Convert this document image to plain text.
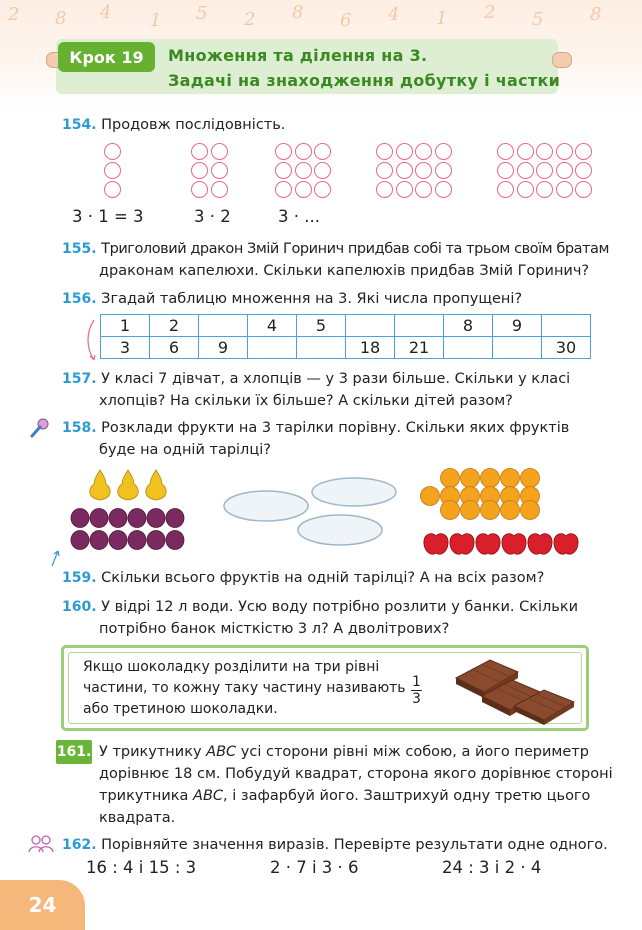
2 8 4 1 5 2 8 6 4 1 2 5	8
Крок 19	Множення та ділення на 3.
Задачі на знаходження добутку і частки
154. Продовж послідовність.
3 · 1 = 3	3 · 2	3 · ...
155. Триголовий дракон Змій Горинич придбав собі та трьом своїм братам
драконам капелюхи. Скільки капелюхів придбав Змій Горинич?
156. Згадай таблицю множення на 3. Які числа пропущені?
1	2		4	5			8	9	
3	6	9			18	21			30
157. У класі 7 дівчат, а хлопців — у 3 рази більше. Скільки у класі
хлопців? На скільки їх більше? А скільки дітей разом?
158. Розклади фрукти на 3 тарілки порівну. Скільки яких фруктів
буде на одній тарілці?
159. Скільки всього фруктів на одній тарілці? А на всіх разом?
160. У відрі 12 л води. Усю воду потрібно розлити у банки. Скільки
потрібно банок місткістю 3 л? А дволітрових?
Якщо шоколадку розділити на три рівні
частини, то кожну таку частину називають
або третиною шоколадки.
1
3
161. У трикутнику ABC усі сторони рівні між собою, а його периметр
дорівнює 18 см. Побудуй квадрат, сторона якого дорівнює стороні
трикутника ABC, і зафарбуй його. Заштрихуй одну третю цього
квадрата.
162. Порівняйте значення виразів. Перевірте результати одне одного.
16 : 4 і 15 : 3	2 · 7 і 3 · 6	24 : 3 і 2 · 4
24
